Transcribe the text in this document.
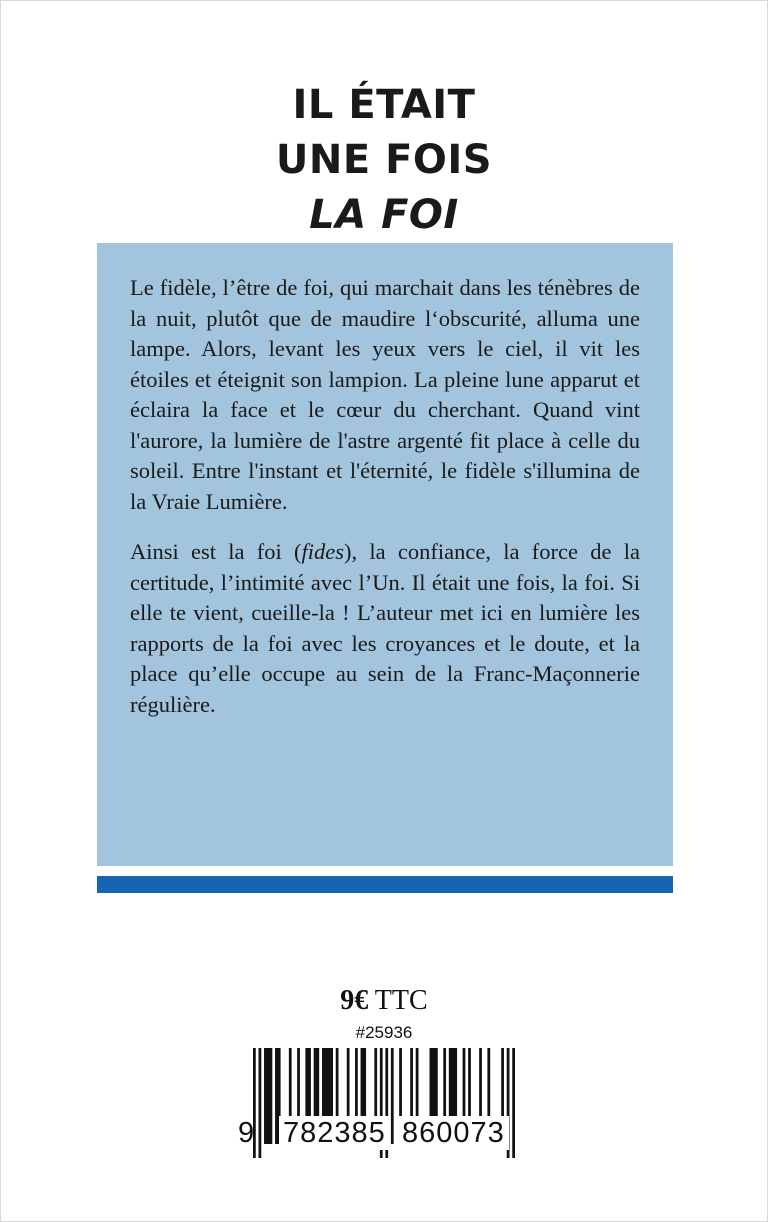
IL ÉTAIT
UNE FOIS
LA FOI

Le fidèle, l’être de foi, qui marchait dans les ténèbres de la nuit, plutôt que de maudire l‘obscurité, alluma une lampe. Alors, levant les yeux vers le ciel, il vit les étoiles et éteignit son lampion. La pleine lune apparut et éclaira la face et le cœur du cherchant. Quand vint l'aurore, la lumière de l'astre argenté fit place à celle du soleil. Entre l'instant et l'éternité, le fidèle s'illumina de la Vraie Lumière.

Ainsi est la foi (fides), la confiance, la force de la certitude, l’intimité avec l’Un. Il était une fois, la foi. Si elle te vient, cueille-la ! L’auteur met ici en lumière les rapports de la foi avec les croyances et le doute, et la place qu’elle occupe au sein de la Franc-Maçonnerie régulière.

9€ TTC
#25936
9 782385 860073
